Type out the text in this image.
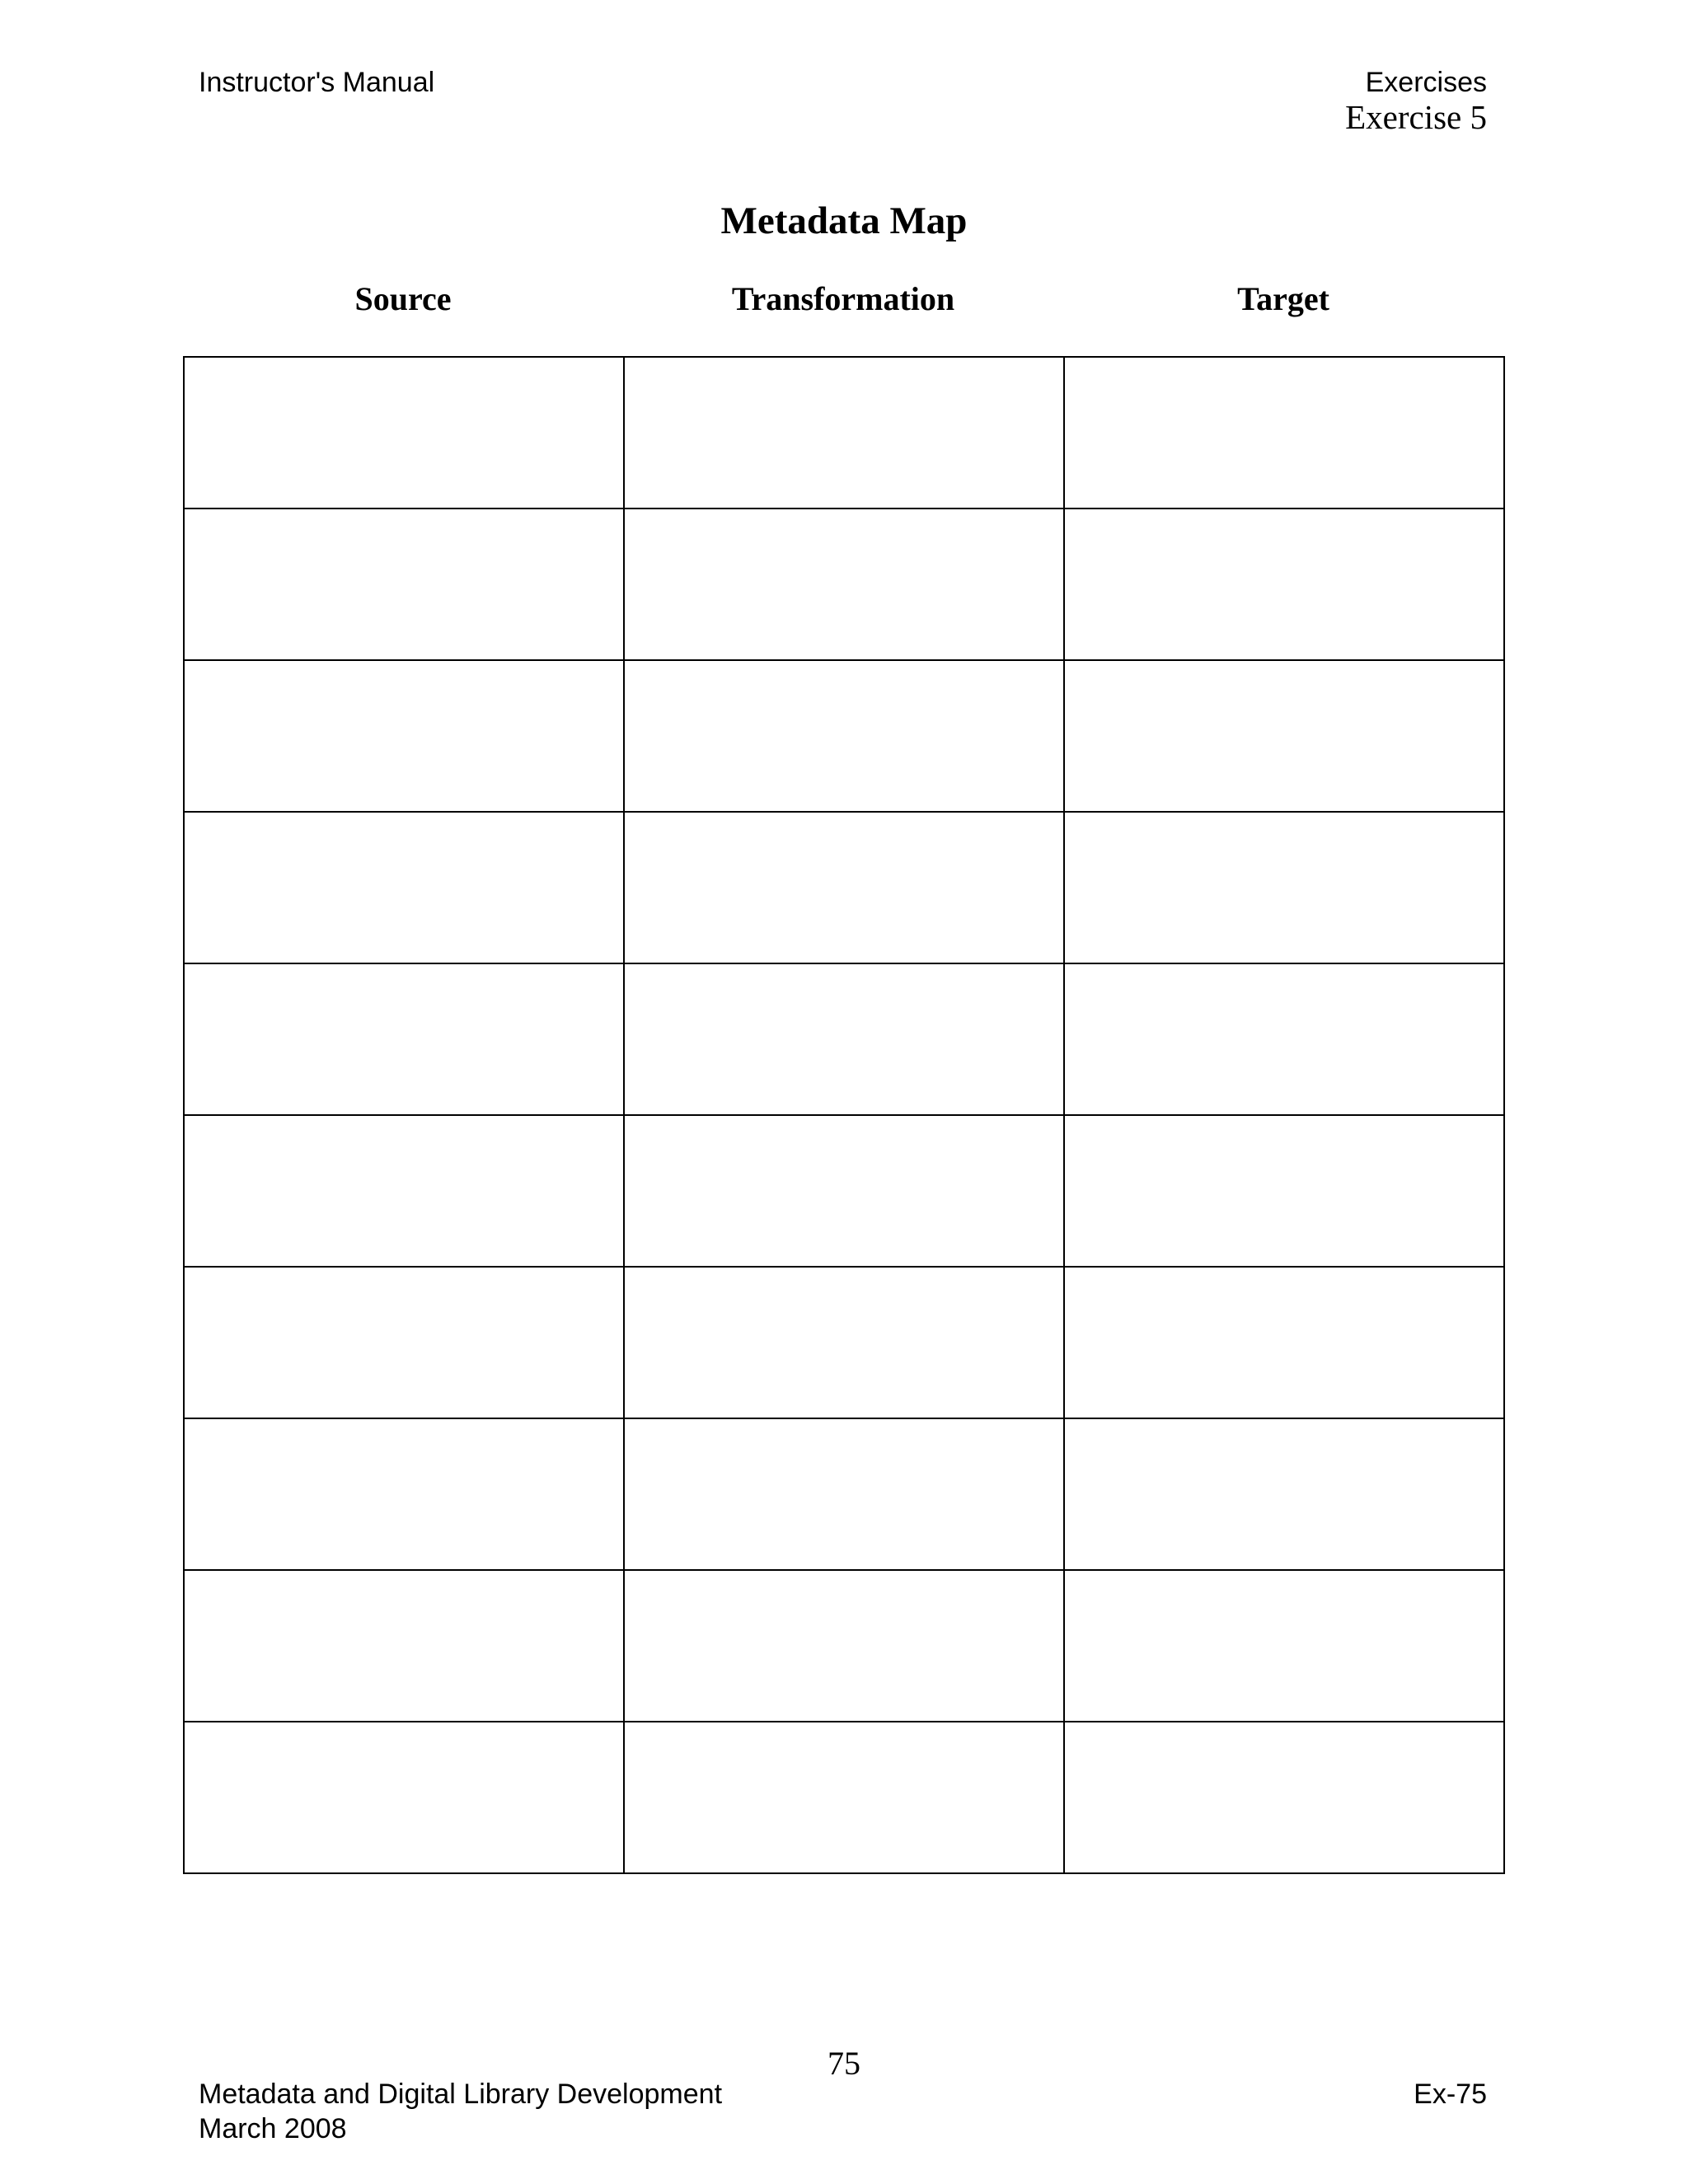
Instructor's Manual	Exercises
Exercise 5
Metadata Map
Source	Transformation	Target

75
Metadata and Digital Library Development
March 2008
Ex-75
